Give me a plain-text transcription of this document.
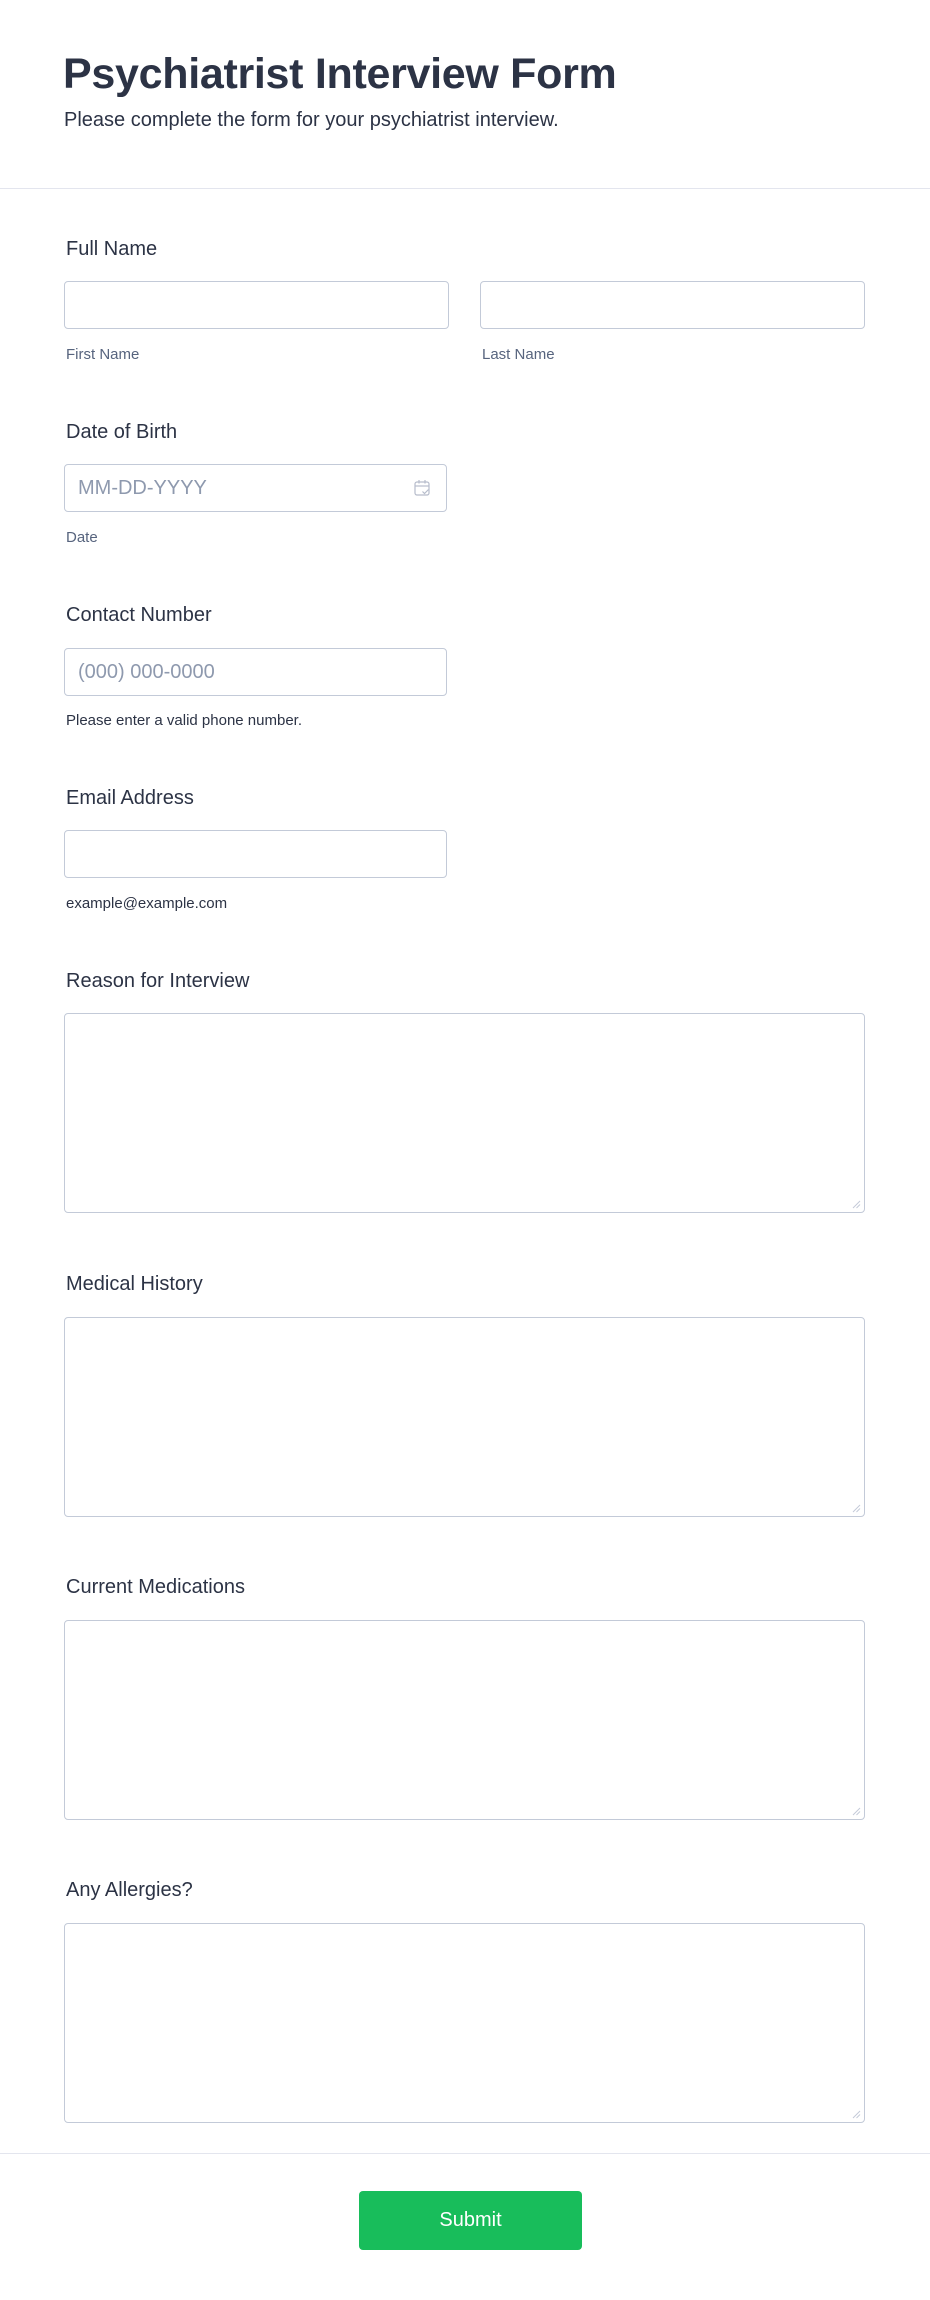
Psychiatrist Interview Form
Please complete the form for your psychiatrist interview.
Full Name
First Name	Last Name
Date of Birth
MM-DD-YYYY
Date
Contact Number
(000) 000-0000
Please enter a valid phone number.
Email Address
example@example.com
Reason for Interview
Medical History
Current Medications
Any Allergies?
Submit
